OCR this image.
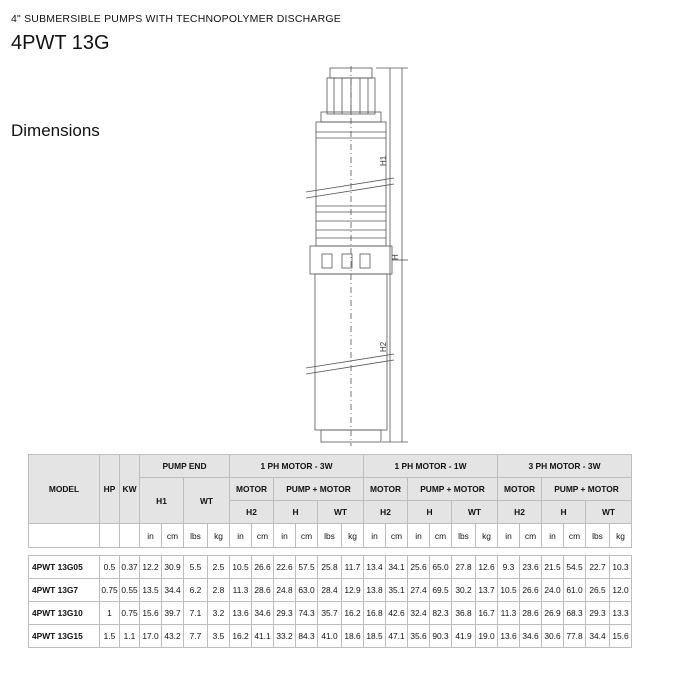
4" SUBMERSIBLE PUMPS WITH TECHNOPOLYMER DISCHARGE
4PWT 13G
Dimensions
H1
H
H2
MODEL	HP	KW	PUMP END				1 PH MOTOR - 3W						1 PH MOTOR - 1W						3 PH MOTOR - 3W					
			H1		WT		MOTOR		PUMP + MOTOR				MOTOR		PUMP + MOTOR				MOTOR		PUMP + MOTOR			
							H2		H		WT		H2		H		WT		H2		H		WT	
			in	cm	lbs	kg	in	cm	in	cm	lbs	kg	in	cm	in	cm	lbs	kg	in	cm	in	cm	lbs	kg

4PWT 13G05	0.5	0.37	12.2	30.9	5.5	2.5	10.5	26.6	22.6	57.5	25.8	11.7	13.4	34.1	25.6	65.0	27.8	12.6	9.3	23.6	21.5	54.5	22.7	10.3
4PWT 13G7	0.75	0.55	13.5	34.4	6.2	2.8	11.3	28.6	24.8	63.0	28.4	12.9	13.8	35.1	27.4	69.5	30.2	13.7	10.5	26.6	24.0	61.0	26.5	12.0
4PWT 13G10	1	0.75	15.6	39.7	7.1	3.2	13.6	34.6	29.3	74.3	35.7	16.2	16.8	42.6	32.4	82.3	36.8	16.7	11.3	28.6	26.9	68.3	29.3	13.3
4PWT 13G15	1.5	1.1	17.0	43.2	7.7	3.5	16.2	41.1	33.2	84.3	41.0	18.6	18.5	47.1	35.6	90.3	41.9	19.0	13.6	34.6	30.6	77.8	34.4	15.6
